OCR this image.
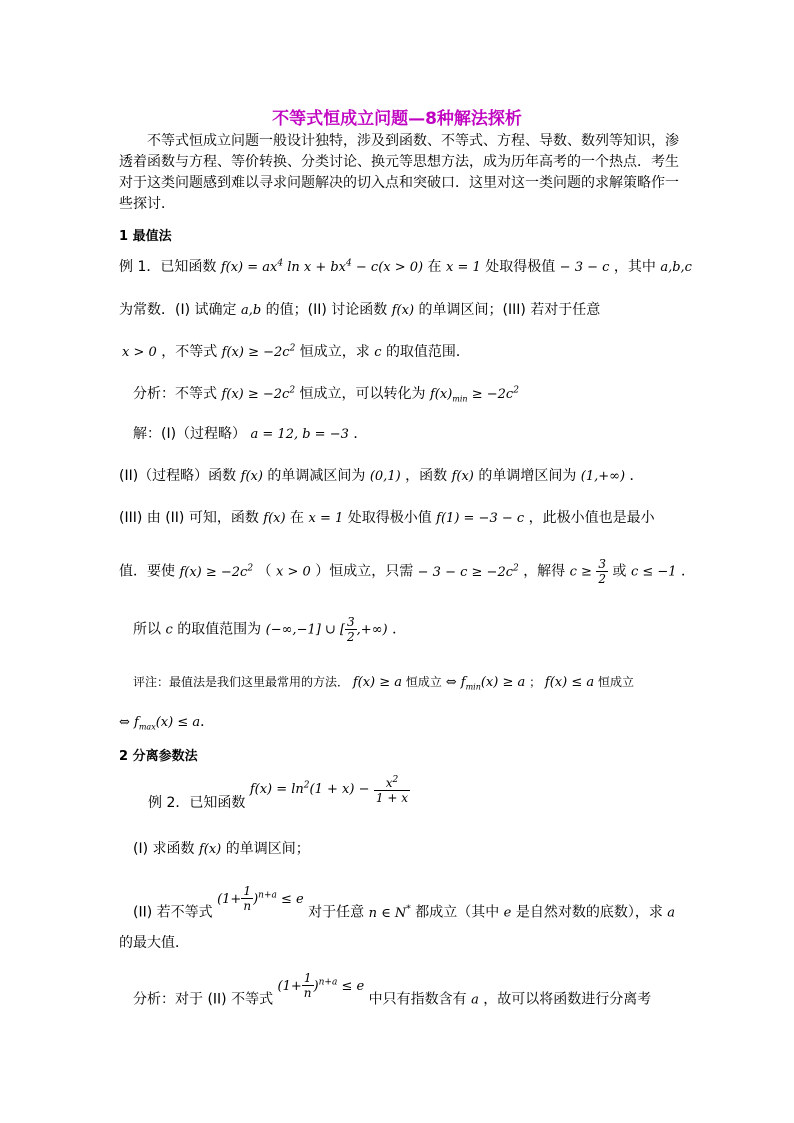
不等式恒成立问题—8种解法探析
不等式恒成立问题一般设计独特，涉及到函数、不等式、方程、导数、数列等知识，渗透着函数与方程、等价转换、分类讨论、换元等思想方法，成为历年高考的一个热点．考生对于这类问题感到难以寻求问题解决的切入点和突破口．这里对这一类问题的求解策略作一些探讨．
1 最值法
例 1．已知函数 $f(x) = ax^4$ $\ln x + bx^4 - c(x > 0)$ 在 x = 1 处取得极值 − 3 − c ，其中 a,b,c
为常数．(I) 试确定 a,b 的值；(II) 讨论函数 f(x) 的单调区间；(III) 若对于任意
x > 0 ，不等式 $f(x) \ge -2c^2$ 恒成立，求 c 的取值范围．
分析：不等式 $f(x) \ge -2c^2$ 恒成立，可以转化为 $f(x)_{min} \ge -2c^2$
解：(I)（过程略） a = 12, b = −3 ．
(II)（过程略）函数 f(x) 的单调减区间为 (0,1) ，函数 f(x) 的单调增区间为 (1,+∞) ．
(III) 由 (II) 可知，函数 f(x) 在 x = 1 处取得极小值 f(1) = −3 − c ，此极小值也是最小
值．要使 $f(x) \ge -2c^2$ （ x > 0 ）恒成立，只需 − $3 - c \ge -2c^2$ ，解得 $c \ge \frac{3}{2}$ 或 c ≤ −1 ．
所以 c 的取值范围为 (−∞,−1] ∪ [ $\frac{3}{2}$ ,+∞) ．
评注：最值法是我们这里最常用的方法． f(x) ≥ a 恒成立 ⇔ $f_{min}(x) \ge a$ ； f(x) ≤ a 恒成立
⇔ $f_{max}(x) \le a$．
2 分离参数法
例 2．已知函数 $f(x) = \ln^2(1 + x) - \frac{x^2}{1 + x}$
(I) 求函数 f(x) 的单调区间；
(II) 若不等式 $(1+ \frac{1}{n} )^{n+a} \le e$ 对于任意 n ∈ N* 都成立（其中 e 是自然对数的底数），求 a
的最大值．
分析：对于 (II) 不等式 $(1+ \frac{1}{n} )^{n+a} \le e$ 中只有指数含有 a ，故可以将函数进行分离考
